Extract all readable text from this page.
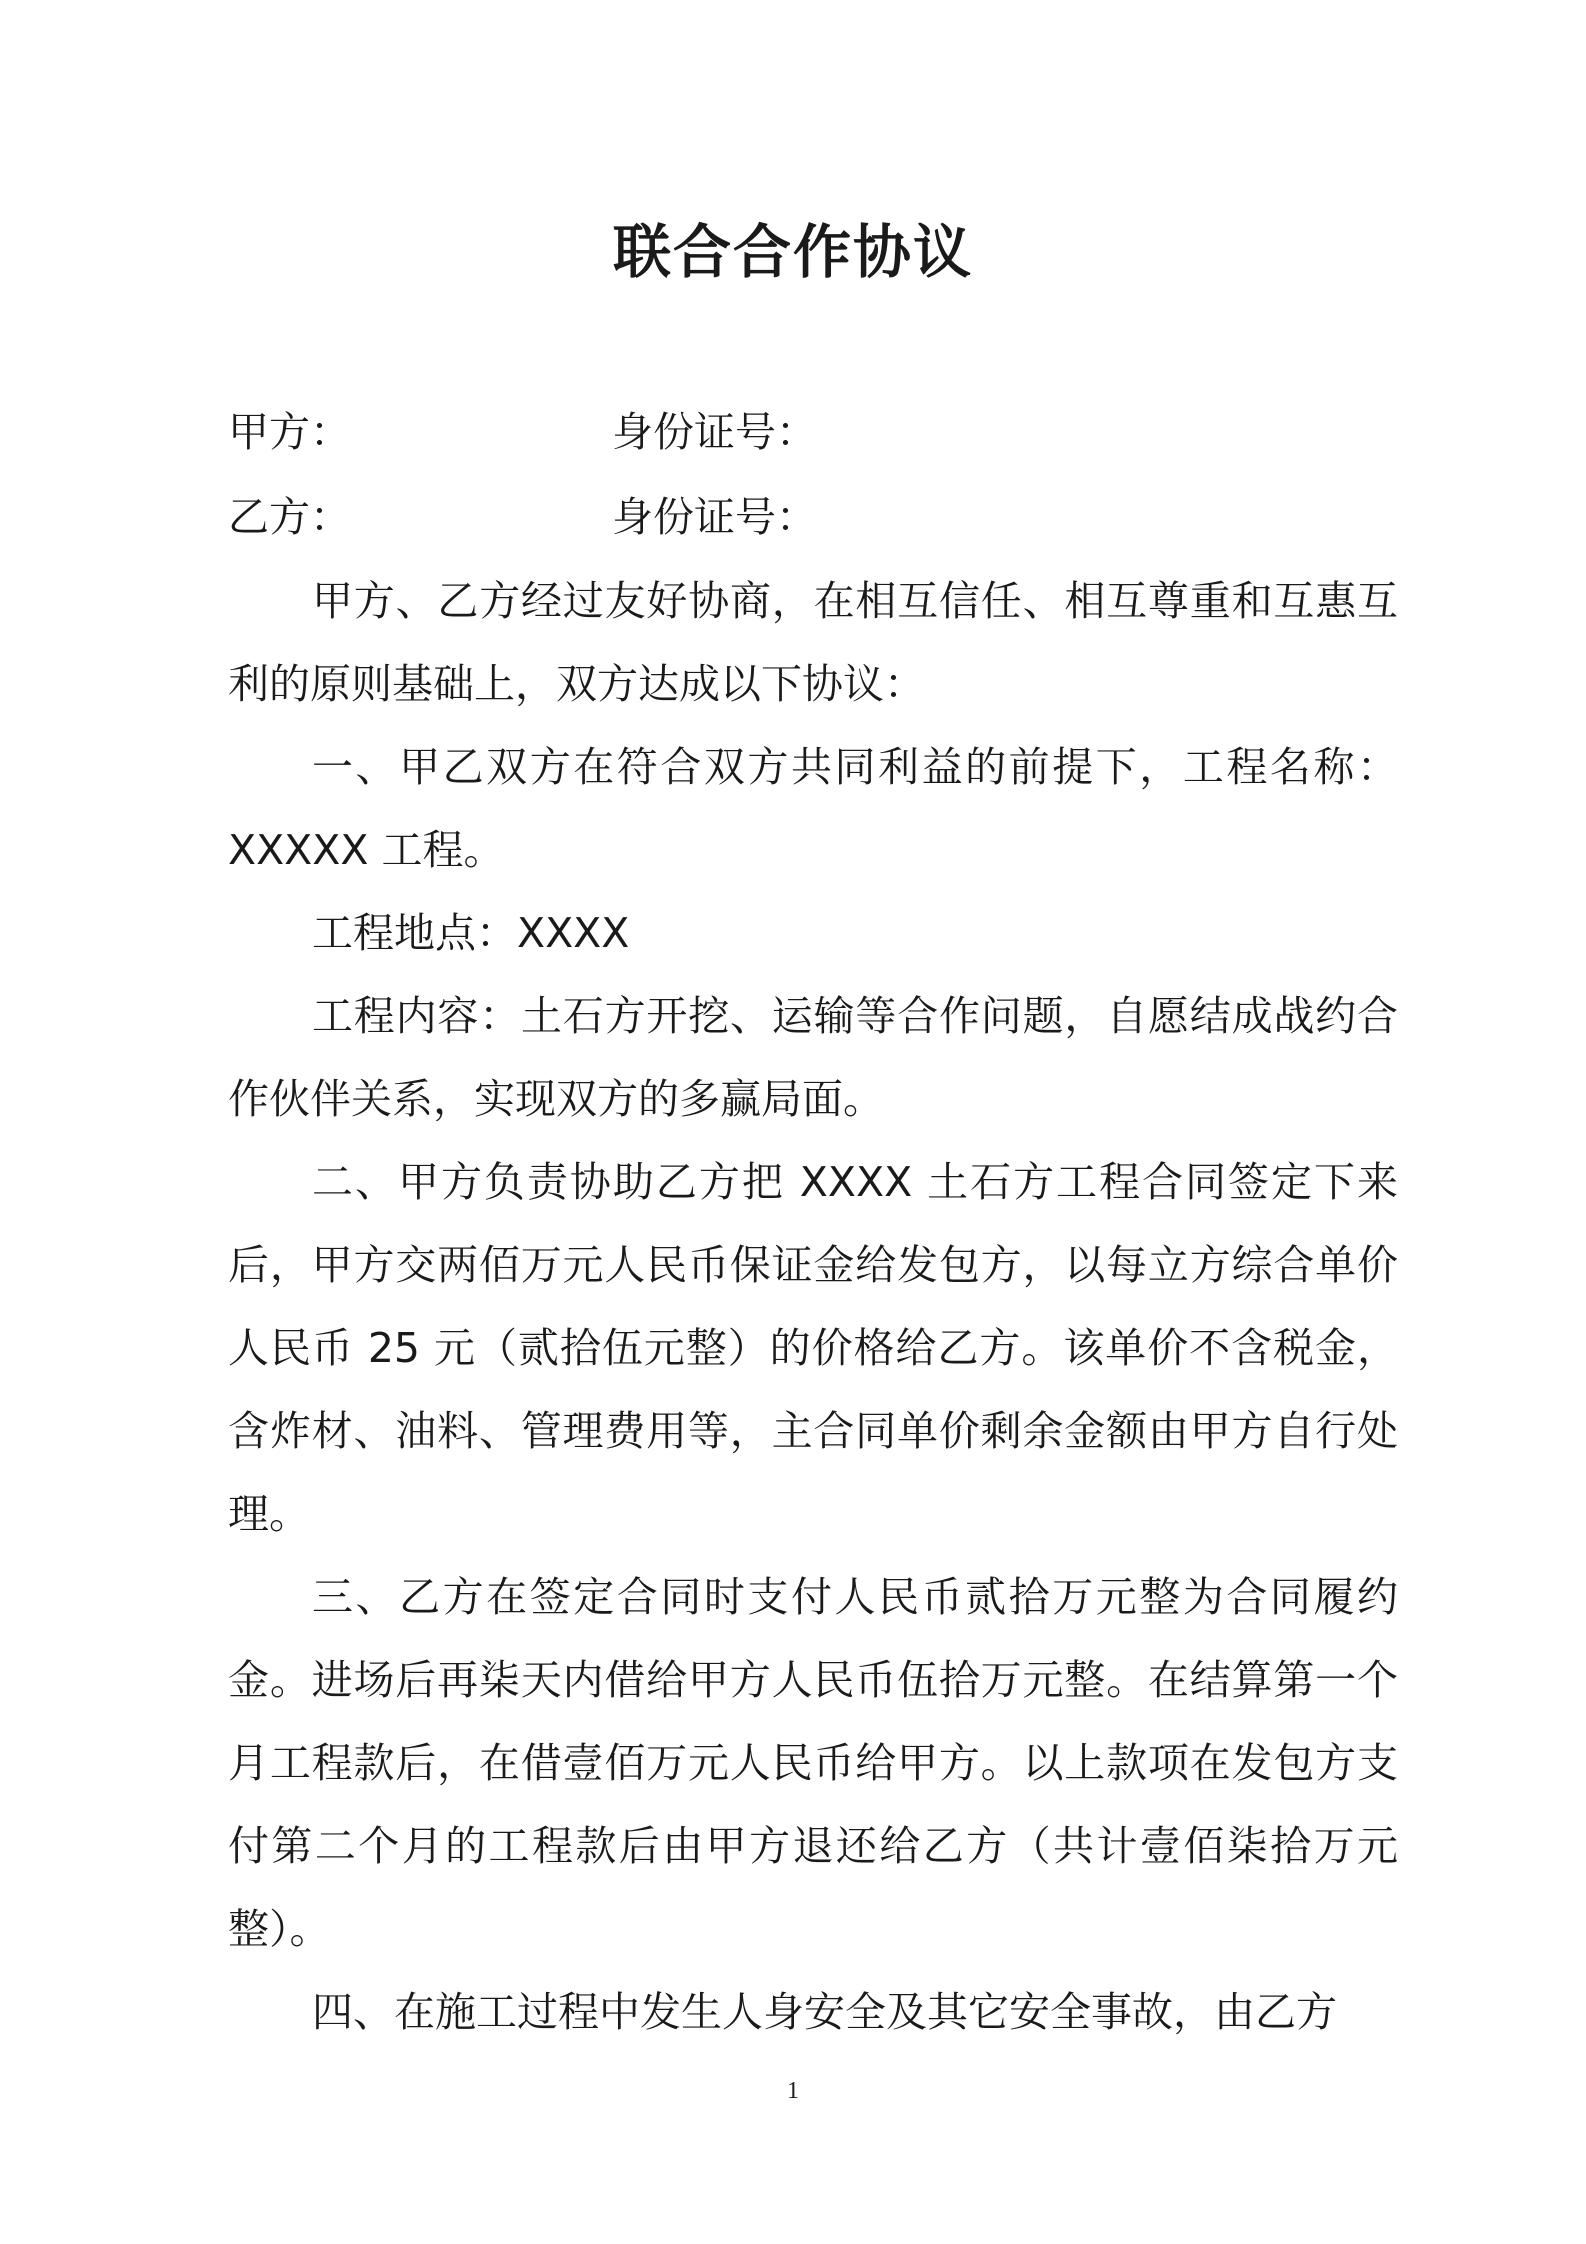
联合合作协议
甲方：	身份证号：
乙方：	身份证号：

甲方、乙方经过友好协商，在相互信任、相互尊重和互惠互利的原则基础上，双方达成以下协议：

一、甲乙双方在符合双方共同利益的前提下，工程名称：XXXXX 工程。

工程地点：XXXX

工程内容：土石方开挖、运输等合作问题，自愿结成战约合作伙伴关系，实现双方的多赢局面。

二、甲方负责协助乙方把 XXXX 土石方工程合同签定下来后，甲方交两佰万元人民币保证金给发包方，以每立方综合单价人民币 25 元（贰拾伍元整）的价格给乙方。该单价不含税金，含炸材、油料、管理费用等，主合同单价剩余金额由甲方自行处理。

三、乙方在签定合同时支付人民币贰拾万元整为合同履约金。进场后再柒天内借给甲方人民币伍拾万元整。在结算第一个月工程款后，在借壹佰万元人民币给甲方。以上款项在发包方支付第二个月的工程款后由甲方退还给乙方（共计壹佰柒拾万元整）。

四、在施工过程中发生人身安全及其它安全事故，由乙方

1
